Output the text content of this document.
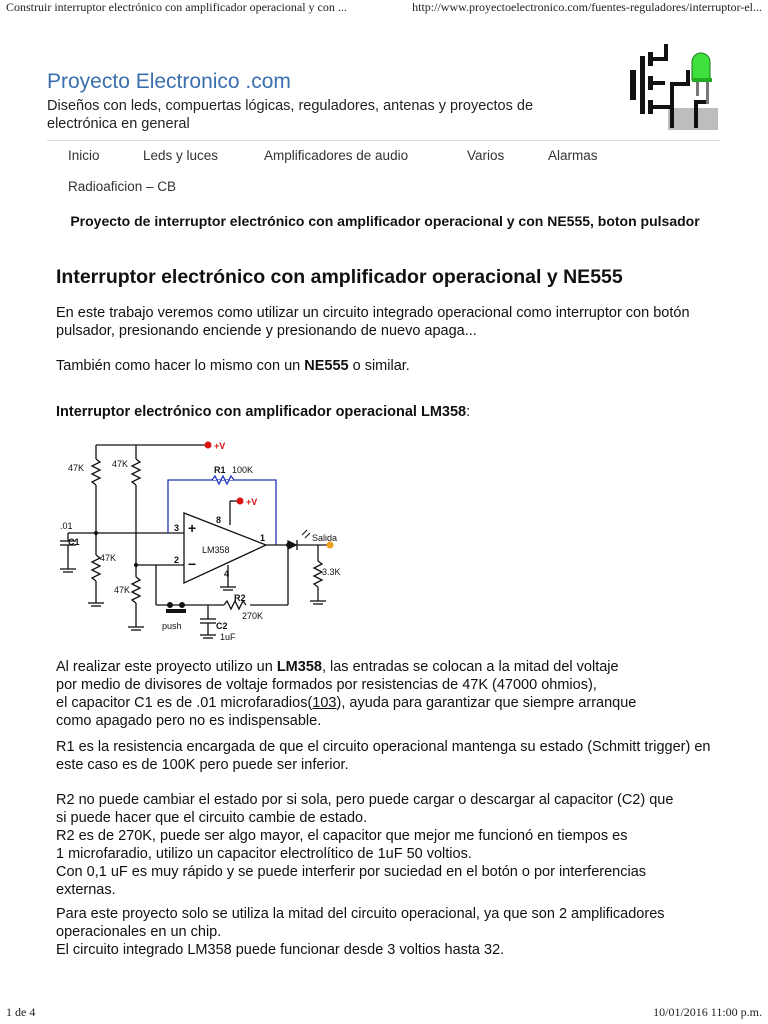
Construir interruptor electrónico con amplificador operacional y con ...	http://www.proyectoelectronico.com/fuentes-reguladores/interruptor-el...
Proyecto Electronico .com
Diseños con leds, compuertas lógicas, reguladores, antenas y proyectos de electrónica en general
Inicio	Leds y luces	Amplificadores de audio	Varios	Alarmas
Radioaficion – CB
Proyecto de interruptor electrónico con amplificador operacional y con NE555, boton pulsador
Interruptor electrónico con amplificador operacional y NE555
En este trabajo veremos como utilizar un circuito integrado operacional como interruptor con botón pulsador, presionando enciende y presionando de nuevo apaga...
También como hacer lo mismo con un NE555 o similar.
Interruptor electrónico con amplificador operacional LM358:
+V
+V
47K	47K
R1 100K
.01
C1
47K
47K
3
2
8
4
1
+
−
LM358
Salida
3.3K
R2
270K
push	C2
1uF
Al realizar este proyecto utilizo un LM358, las entradas se colocan a la mitad del voltaje
por medio de divisores de voltaje formados por resistencias de 47K (47000 ohmios),
el capacitor C1 es de .01 microfaradios(103), ayuda para garantizar que siempre arranque
como apagado pero no es indispensable.
R1 es la resistencia encargada de que el circuito operacional mantenga su estado (Schmitt trigger) en este caso es de 100K pero puede ser inferior.
R2 no puede cambiar el estado por si sola, pero puede cargar o descargar al capacitor (C2) que
si puede hacer que el circuito cambie de estado.
R2 es de 270K, puede ser algo mayor, el capacitor que mejor me funcionó en tiempos es
1 microfaradio, utilizo un capacitor electrolítico de 1uF 50 voltios.
Con 0,1 uF es muy rápido y se puede interferir por suciedad en el botón o por interferencias
externas.
Para este proyecto solo se utiliza la mitad del circuito operacional, ya que son 2 amplificadores
operacionales en un chip.
El circuito integrado LM358 puede funcionar desde 3 voltios hasta 32.
1 de 4	10/01/2016 11:00 p.m.
